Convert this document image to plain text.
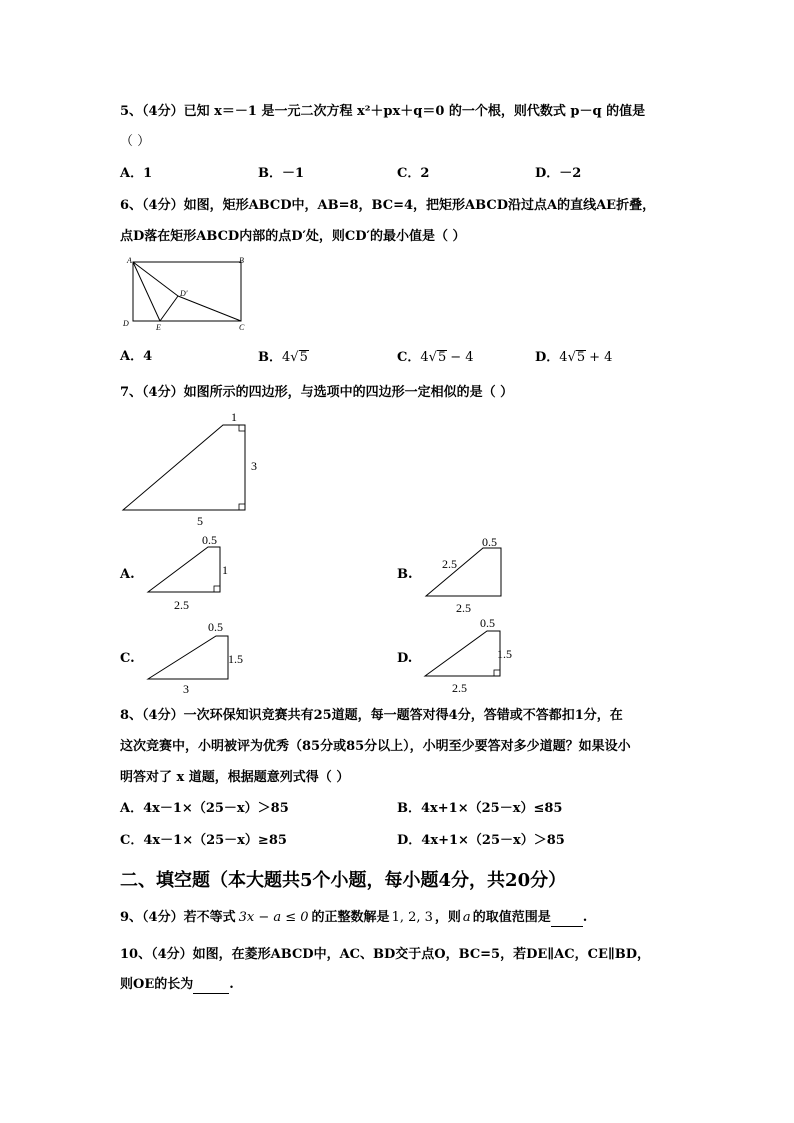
5、（4分）已知 x＝－1 是一元二次方程 x²＋px＋q＝0 的一个根，则代数式 p－q 的值是
（ ）
A．1	B．－1	C．2	D．－2
6、（4分）如图，矩形ABCD中，AB=8，BC=4，把矩形ABCD沿过点A的直线AE折叠，
点D落在矩形ABCD内部的点D′处，则CD′的最小值是（ ）
A	B
C
D	E
D′
A．4	B．4√5	C．4√5 − 4	D．4√5 + 4
7、（4分）如图所示的四边形，与选项中的四边形一定相似的是（ ）
1
3
5
A.
0.5
1
2.5
B.
0.5
2.5
2.5
C.
0.5
1.5
3
D.
0.5
1.5
2.5
8、（4分）一次环保知识竞赛共有25道题，每一题答对得4分，答错或不答都扣1分，在
这次竞赛中，小明被评为优秀（85分或85分以上），小明至少要答对多少道题？如果设小
明答对了 x 道题，根据题意列式得（ ）
A．4x－1×（25－x）＞85	B．4x+1×（25－x）≤85
C．4x－1×（25－x）≥85	D．4x+1×（25－x）＞85
二、填空题（本大题共5个小题，每小题4分，共20分）
9、（4分）若不等式 3x − a ≤ 0 的正整数解是 1, 2, 3 ，则 a 的取值范围是 .
10、（4分）如图，在菱形ABCD中，AC、BD交于点O，BC=5，若DE∥AC，CE∥BD，
则OE的长为	.
